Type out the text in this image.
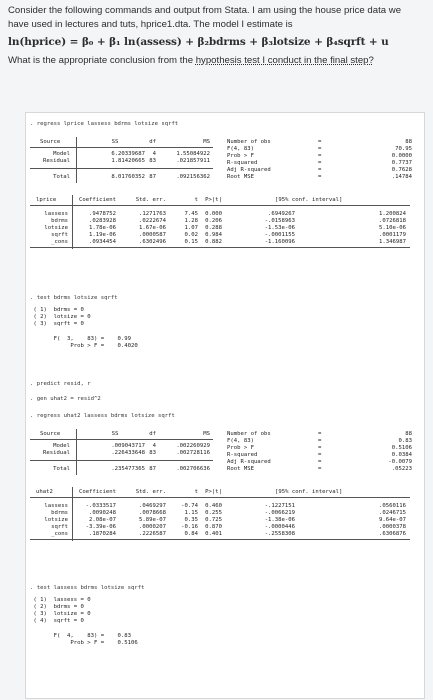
Consider the following commands and output from Stata. I am using the house price data we

have used in lectures and tuts, hprice1.dta. The model I estimate is

ln(hprice) = β₀ + β₁ ln(assess) + β₂bdrms + β₃lotsize + β₄sqrft + u

What is the appropriate conclusion from the hypothesis test I conduct in the final step?

. regress lprice lassess bdrms lotsize sqrft
Source	SS	df	MS
Model	6.20339687	4	1.55084922
Residual	1.81420665 83	.021857911
Total	8.01760352 87	.092156362
Number of obs	=	88
F(4, 83)	=	70.95
Prob > F	=	0.0000
R-squared	=	0.7737
Adj R-squared	=	0.7628
Root MSE	=	.14784
lprice	Coefficient	Std. err.	t	P>|t|	[95% conf. interval]
lassess	.9478752	.1271763	7.45	0.000	.6949267	1.200824
bdrms	.0283928	.0222674	1.28	0.206	-.0158963	.0726818
lotsize	1.78e-06	1.67e-06	1.07	0.288	-1.53e-06	5.10e-06
sqrft	1.19e-06	.0000587	0.02	0.984	-.0001155	.0001179
_cons	.0934454	.6302496	0.15	0.882	-1.160096	1.346987
. test bdrms lotsize sqrft
( 1)  bdrms = 0
( 2)  lotsize = 0
( 3)  sqrft = 0
F(  3,    83) =    0.99
Prob > F =    0.4020
. predict resid, r
. gen uhat2 = resid^2
. regress uhat2 lassess bdrms lotsize sqrft
Source	SS	df	MS
Model	.009043717	4	.002260929
Residual	.226433648 83	.002728116
Total	.235477365 87	.002706636
Number of obs	=	88
F(4, 83)	=	0.83
Prob > F	=	0.5106
R-squared	=	0.0384
Adj R-squared	=	-0.0079
Root MSE	=	.05223
uhat2	Coefficient	Std. err.	t	P>|t|	[95% conf. interval]
lassess	-.0333517	.0469297	-0.74	0.460	-.1227151	.0560116
bdrms	.0090248	.0078668	1.15	0.255	-.0066219	.0246715
lotsize	2.08e-07	5.89e-07	0.35	0.725	-1.38e-06	9.64e-07
sqrft	-3.39e-06	.0000207	-0.16	0.870	-.0000446	.0000378
_cons	.1870284	.2226587	0.84	0.401	-.2558308	.6306876
. test lassess bdrms lotsize sqrft
( 1)  lassess = 0
( 2)  bdrms = 0
( 3)  lotsize = 0
( 4)  sqrft = 0
F(  4,    83) =    0.83
Prob > F =    0.5106
